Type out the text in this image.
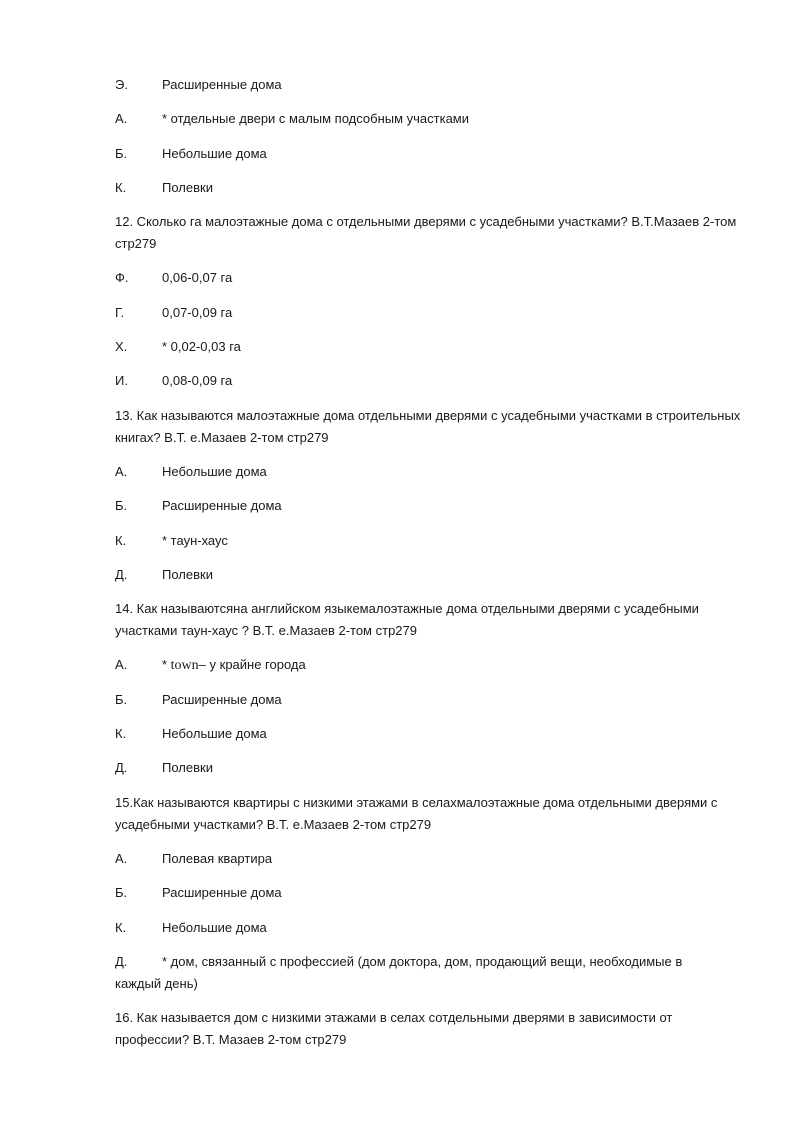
Э.	Расширенные дома
А.	* отдельные двери с малым подсобным участками
Б.	Небольшие дома
К.	Полевки
12. Сколько га малоэтажные дома с отдельными дверями с усадебными участками? В.Т.Мазаев 2-том стр279
Ф.	0,06-0,07 га
Г.	0,07-0,09 га
Х.	* 0,02-0,03 га
И.	0,08-0,09 га
13. Как называются малоэтажные дома отдельными дверями с усадебными участками в строительных книгах? В.Т. е.Мазаев 2-том стр279
А.	Небольшие дома
Б.	Расширенные дома
К.	* таун-хаус
Д.	Полевки
14. Как называютсяна английском языкемалоэтажные дома отдельными дверями с усадебными участками таун-хаус ? В.Т. е.Мазаев 2-том стр279
А.	* town– у крайне города
Б.	Расширенные дома
К.	Небольшие дома
Д.	Полевки
15.Как называются квартиры с низкими этажами в селахмалоэтажные дома отдельными дверями с усадебными участками? В.Т. е.Мазаев 2-том стр279
А.	Полевая квартира
Б.	Расширенные дома
К.	Небольшие дома
Д.	* дом, связанный с профессией (дом доктора, дом, продающий вещи, необходимые в
каждый день)
16. Как называется дом с низкими этажами в селах сотдельными дверями в зависимости от профессии? В.Т. Мазаев 2-том стр279
